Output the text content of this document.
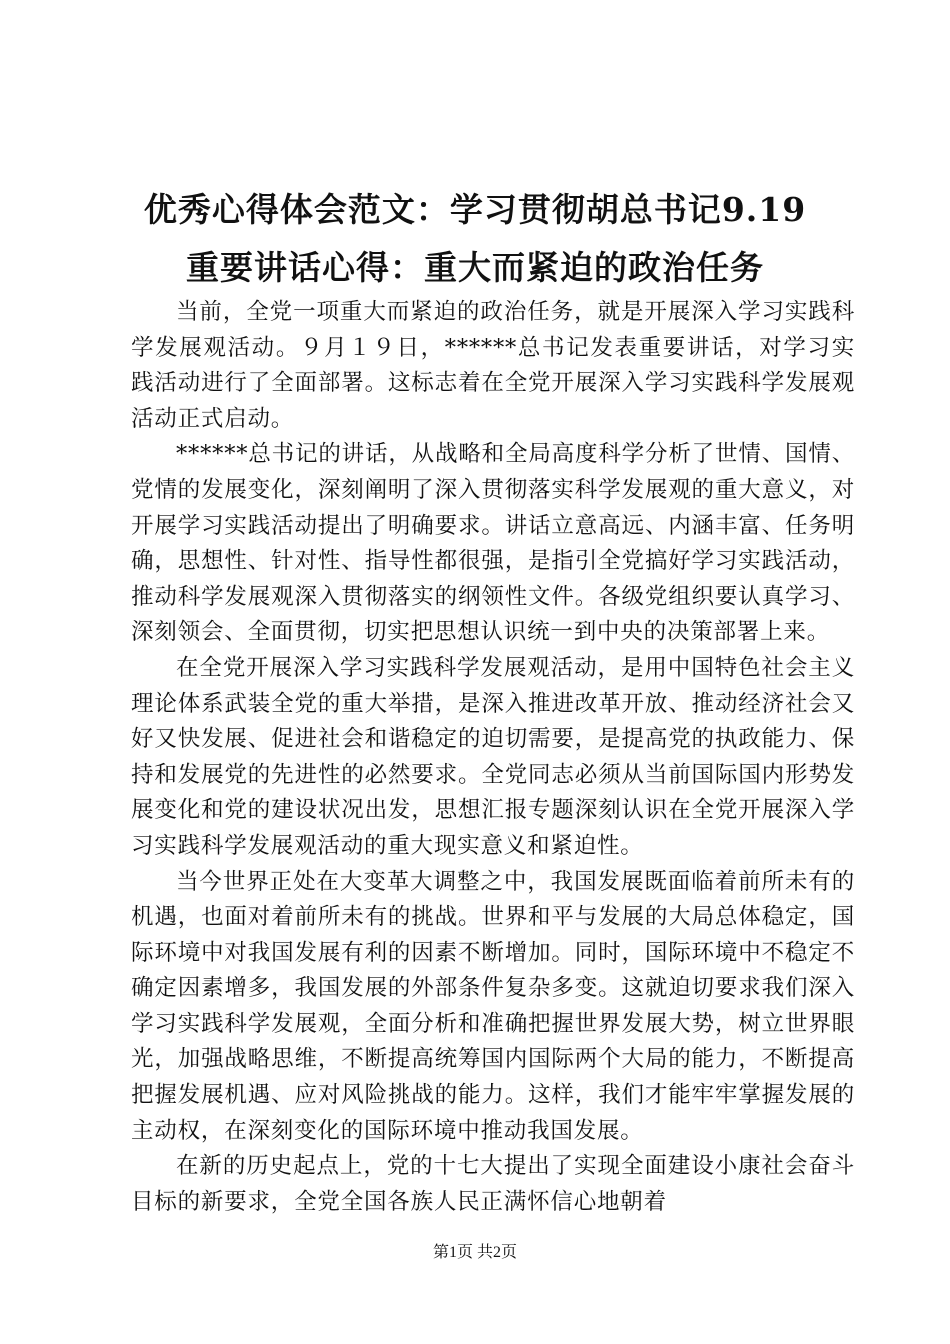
优秀心得体会范文：学习贯彻胡总书记9.19
重要讲话心得：重大而紧迫的政治任务

当前，全党一项重大而紧迫的政治任务，就是开展深入学习实践科学发展观活动。９月１９日，******总书记发表重要讲话，对学习实践活动进行了全面部署。这标志着在全党开展深入学习实践科学发展观活动正式启动。

******总书记的讲话，从战略和全局高度科学分析了世情、国情、党情的发展变化，深刻阐明了深入贯彻落实科学发展观的重大意义，对开展学习实践活动提出了明确要求。讲话立意高远、内涵丰富、任务明确，思想性、针对性、指导性都很强，是指引全党搞好学习实践活动，推动科学发展观深入贯彻落实的纲领性文件。各级党组织要认真学习、深刻领会、全面贯彻，切实把思想认识统一到中央的决策部署上来。

在全党开展深入学习实践科学发展观活动，是用中国特色社会主义理论体系武装全党的重大举措，是深入推进改革开放、推动经济社会又好又快发展、促进社会和谐稳定的迫切需要，是提高党的执政能力、保持和发展党的先进性的必然要求。全党同志必须从当前国际国内形势发展变化和党的建设状况出发，思想汇报专题深刻认识在全党开展深入学习实践科学发展观活动的重大现实意义和紧迫性。

当今世界正处在大变革大调整之中，我国发展既面临着前所未有的机遇，也面对着前所未有的挑战。世界和平与发展的大局总体稳定，国际环境中对我国发展有利的因素不断增加。同时，国际环境中不稳定不确定因素增多，我国发展的外部条件复杂多变。这就迫切要求我们深入学习实践科学发展观，全面分析和准确把握世界发展大势，树立世界眼光，加强战略思维，不断提高统筹国内国际两个大局的能力，不断提高把握发展机遇、应对风险挑战的能力。这样，我们才能牢牢掌握发展的主动权，在深刻变化的国际环境中推动我国发展。

在新的历史起点上，党的十七大提出了实现全面建设小康社会奋斗目标的新要求，全党全国各族人民正满怀信心地朝着

第1页 共2页
